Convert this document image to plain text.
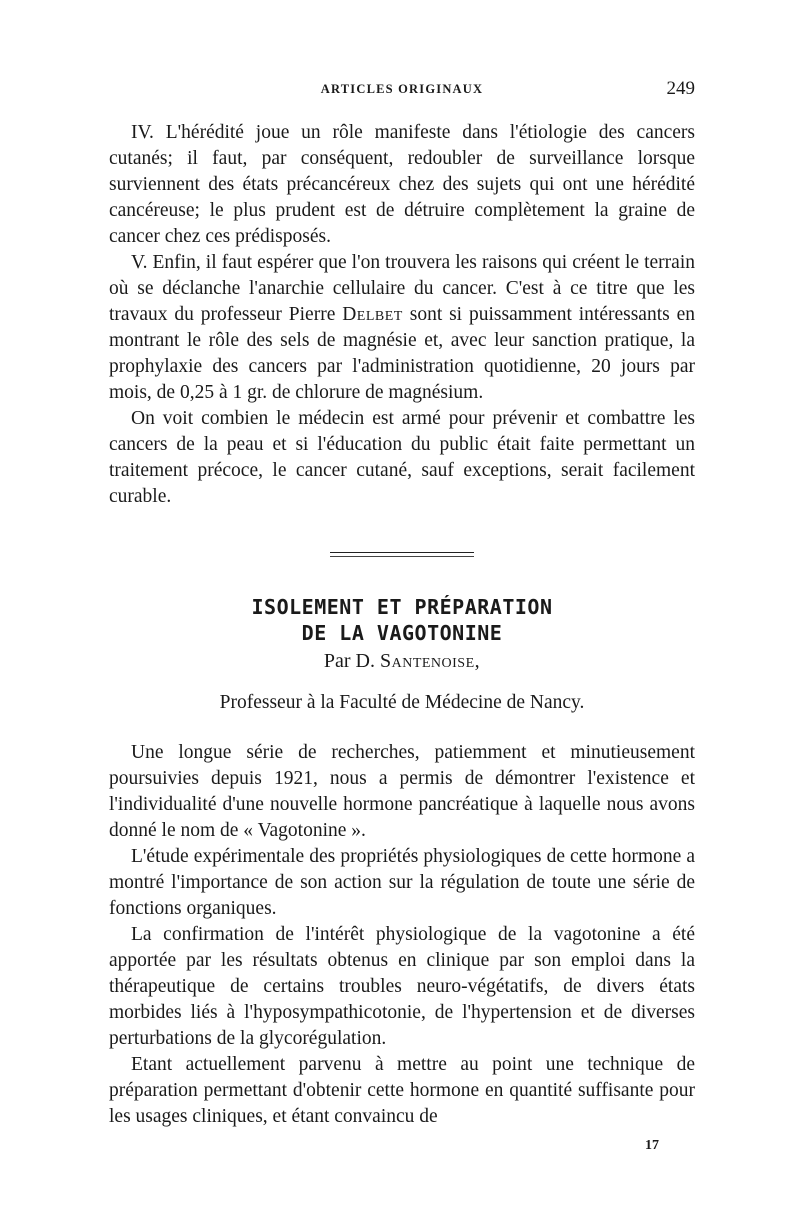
ARTICLES ORIGINAUX	249

IV. L'hérédité joue un rôle manifeste dans l'étiologie des cancers cutanés; il faut, par conséquent, redoubler de surveillance lorsque surviennent des états précancéreux chez des sujets qui ont une hérédité cancéreuse; le plus prudent est de détruire complètement la graine de cancer chez ces prédisposés.

V. Enfin, il faut espérer que l'on trouvera les raisons qui créent le terrain où se déclanche l'anarchie cellulaire du cancer. C'est à ce titre que les travaux du professeur Pierre Delbet sont si puissamment intéressants en montrant le rôle des sels de magnésie et, avec leur sanction pratique, la prophylaxie des cancers par l'administration quotidienne, 20 jours par mois, de 0,25 à 1 gr. de chlorure de magnésium.

On voit combien le médecin est armé pour prévenir et combattre les cancers de la peau et si l'éducation du public était faite permettant un traitement précoce, le cancer cutané, sauf exceptions, serait facilement curable.

ISOLEMENT ET PRÉPARATION
DE LA VAGOTONINE
Par D. Santenoise,
Professeur à la Faculté de Médecine de Nancy.

Une longue série de recherches, patiemment et minutieusement poursuivies depuis 1921, nous a permis de démontrer l'existence et l'individualité d'une nouvelle hormone pancréatique à laquelle nous avons donné le nom de « Vagotonine ».

L'étude expérimentale des propriétés physiologiques de cette hormone a montré l'importance de son action sur la régulation de toute une série de fonctions organiques.

La confirmation de l'intérêt physiologique de la vagotonine a été apportée par les résultats obtenus en clinique par son emploi dans la thérapeutique de certains troubles neuro-végétatifs, de divers états morbides liés à l'hyposympathicotonie, de l'hypertension et de diverses perturbations de la glycorégulation.

Etant actuellement parvenu à mettre au point une technique de préparation permettant d'obtenir cette hormone en quantité suffisante pour les usages cliniques, et étant convaincu de

17
